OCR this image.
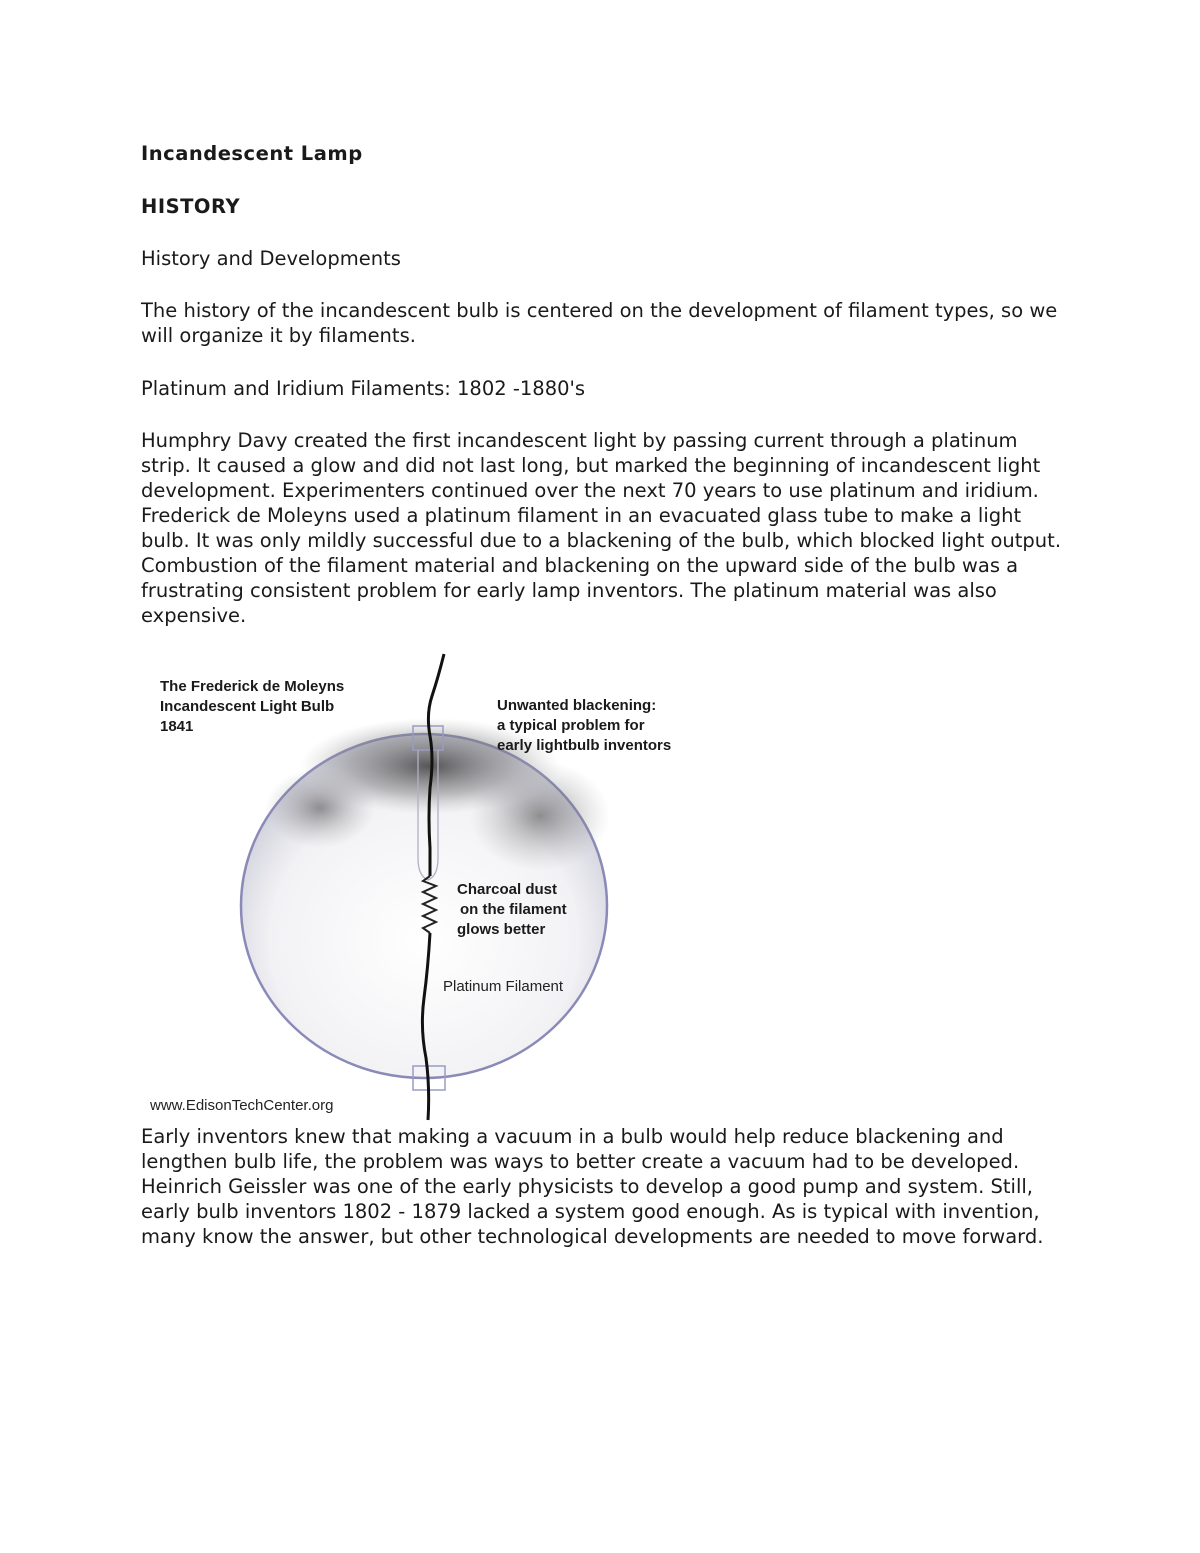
Incandescent Lamp

HISTORY

History and Developments

The history of the incandescent bulb is centered on the development of filament types, so we will organize it by filaments.

Platinum and Iridium Filaments: 1802 -1880's

Humphry Davy created the first incandescent light by passing current through a platinum strip. It caused a glow and did not last long, but marked the beginning of incandescent light development. Experimenters continued over the next 70 years to use platinum and iridium. Frederick de Moleyns used a platinum filament in an evacuated glass tube to make a light bulb. It was only mildly successful due to a blackening of the bulb, which blocked light output. Combustion of the filament material and blackening on the upward side of the bulb was a frustrating consistent problem for early lamp inventors. The platinum material was also expensive.

The Frederick de Moleyns
Incandescent Light Bulb
1841
Unwanted blackening:
a typical problem for
early lightbulb inventors
Charcoal dust
on the filament
glows better
Platinum Filament
www.EdisonTechCenter.org

Early inventors knew that making a vacuum in a bulb would help reduce blackening and lengthen bulb life, the problem was ways to better create a vacuum had to be developed. Heinrich Geissler was one of the early physicists to develop a good pump and system. Still, early bulb inventors 1802 - 1879 lacked a system good enough. As is typical with invention, many know the answer, but other technological developments are needed to move forward.
